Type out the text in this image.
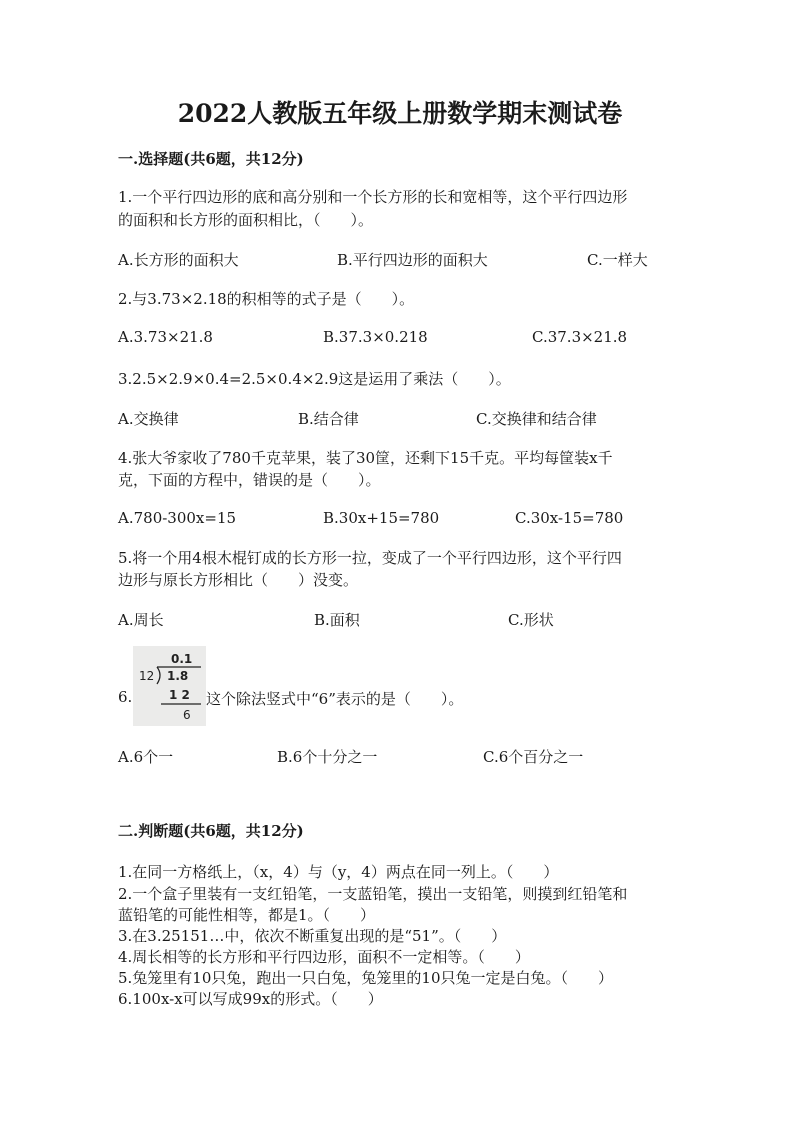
2022人教版五年级上册数学期末测试卷
一.选择题(共6题，共12分)
1.一个平行四边形的底和高分别和一个长方形的长和宽相等，这个平行四边形
的面积和长方形的面积相比，（　　）。
A.长方形的面积大	B.平行四边形的面积大	C.一样大
2.与3.73×2.18的积相等的式子是（　　）。
A.3.73×21.8	B.37.3×0.218	C.37.3×21.8
3.2.5×2.9×0.4=2.5×0.4×2.9这是运用了乘法（　　）。
A.交换律	B.结合律	C.交换律和结合律
4.张大爷家收了780千克苹果，装了30筐，还剩下15千克。平均每筐装x千
克，下面的方程中，错误的是（　　）。
A.780-300x=15	B.30x+15=780	C.30x-15=780
5.将一个用4根木棍钉成的长方形一拉，变成了一个平行四边形，这个平行四
边形与原长方形相比（　　）没变。
A.周长	B.面积	C.形状
6.
0.1
12 1.8
1 2
6
这个除法竖式中“6”表示的是（　　）。
A.6个一	B.6个十分之一	C.6个百分之一
二.判断题(共6题，共12分)
1.在同一方格纸上，（x，4）与（y，4）两点在同一列上。（　　）
2.一个盒子里装有一支红铅笔，一支蓝铅笔，摸出一支铅笔，则摸到红铅笔和
蓝铅笔的可能性相等，都是1。（　　）
3.在3.25151…中，依次不断重复出现的是“51”。（　　）
4.周长相等的长方形和平行四边形，面积不一定相等。（　　）
5.兔笼里有10只兔，跑出一只白兔，兔笼里的10只兔一定是白兔。（　　）
6.100x-x可以写成99x的形式。（　　）
